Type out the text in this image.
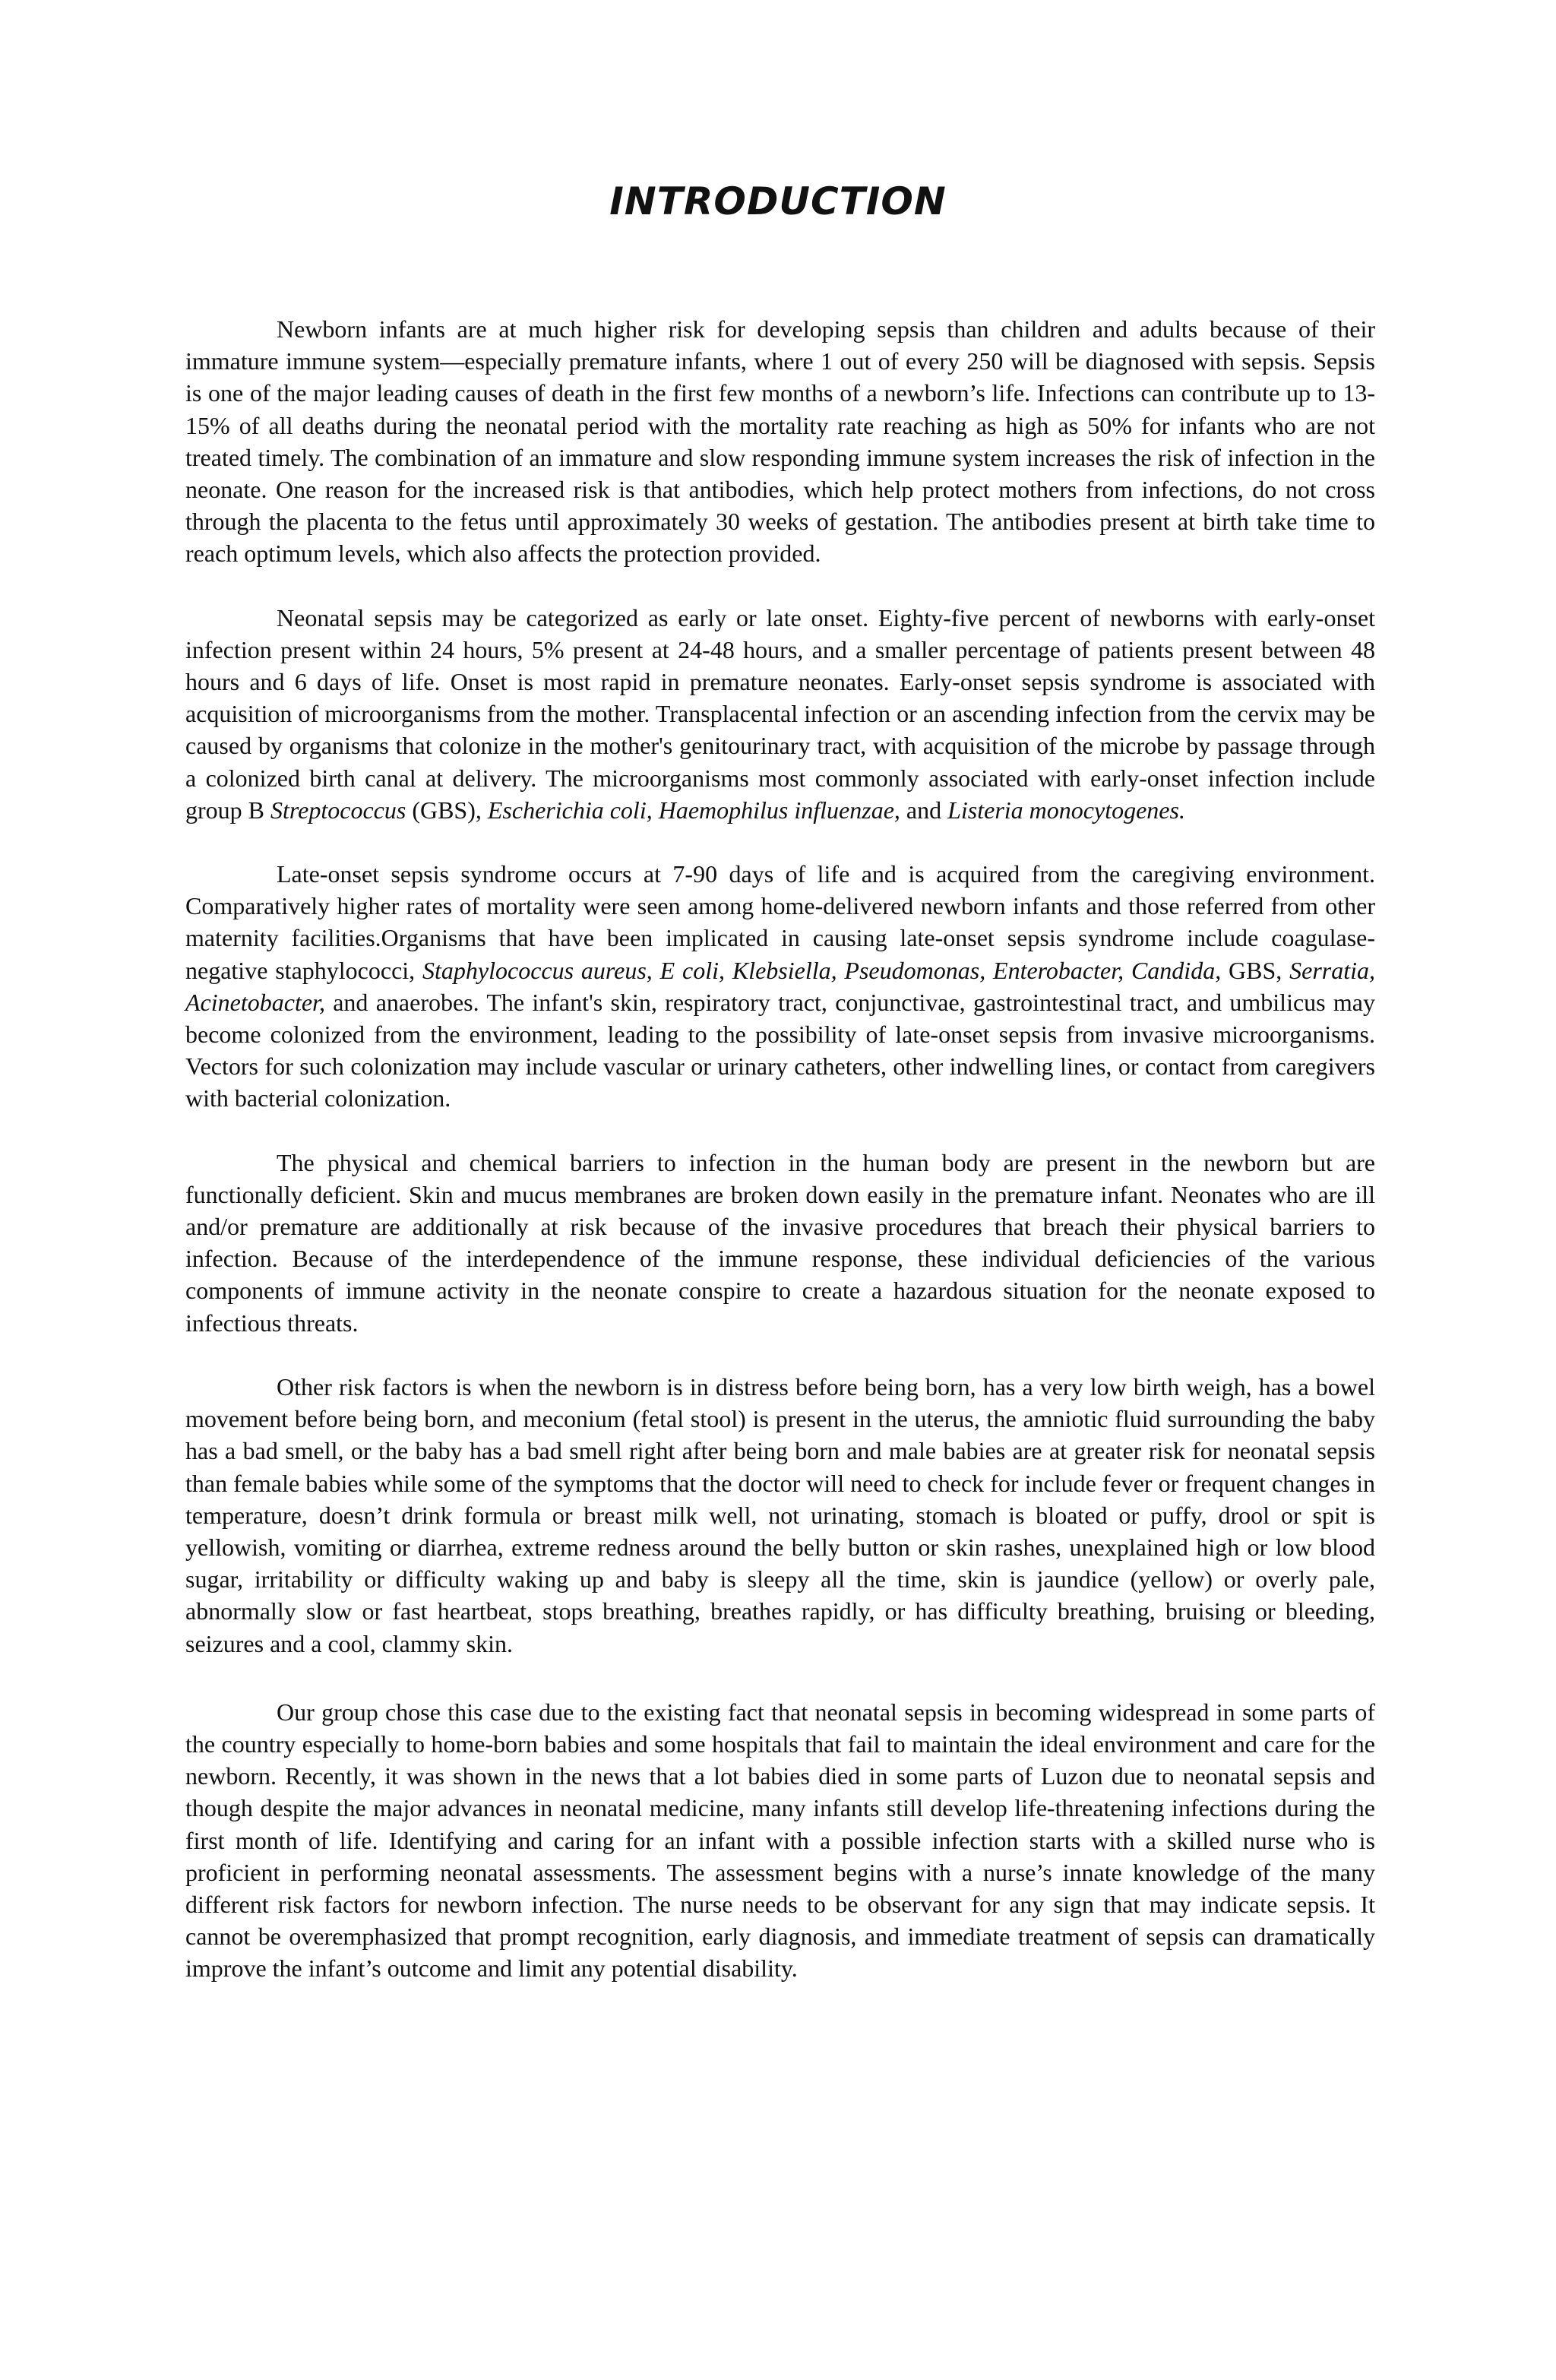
INTRODUCTION

Newborn infants are at much higher risk for developing sepsis than children and adults because of their immature immune system—especially premature infants, where 1 out of every 250 will be diagnosed with sepsis. Sepsis is one of the major leading causes of death in the first few months of a newborn’s life. Infections can contribute up to 13-15% of all deaths during the neonatal period with the mortality rate reaching as high as 50% for infants who are not treated timely. The combination of an immature and slow responding immune system increases the risk of infection in the neonate. One reason for the increased risk is that antibodies, which help protect mothers from infections, do not cross through the placenta to the fetus until approximately 30 weeks of gestation. The antibodies present at birth take time to reach optimum levels, which also affects the protection provided.

Neonatal sepsis may be categorized as early or late onset. Eighty-five percent of newborns with early-onset infection present within 24 hours, 5% present at 24-48 hours, and a smaller percentage of patients present between 48 hours and 6 days of life. Onset is most rapid in premature neonates. Early-onset sepsis syndrome is associated with acquisition of microorganisms from the mother. Transplacental infection or an ascending infection from the cervix may be caused by organisms that colonize in the mother's genitourinary tract, with acquisition of the microbe by passage through a colonized birth canal at delivery. The microorganisms most commonly associated with early-onset infection include group B Streptococcus (GBS), Escherichia coli, Haemophilus influenzae, and Listeria monocytogenes.

Late-onset sepsis syndrome occurs at 7-90 days of life and is acquired from the caregiving environment. Comparatively higher rates of mortality were seen among home-delivered newborn infants and those referred from other maternity facilities.Organisms that have been implicated in causing late-onset sepsis syndrome include coagulase-negative staphylococci, Staphylococcus aureus, E coli, Klebsiella, Pseudomonas, Enterobacter, Candida, GBS, Serratia, Acinetobacter, and anaerobes. The infant's skin, respiratory tract, conjunctivae, gastrointestinal tract, and umbilicus may become colonized from the environment, leading to the possibility of late-onset sepsis from invasive microorganisms. Vectors for such colonization may include vascular or urinary catheters, other indwelling lines, or contact from caregivers with bacterial colonization.

The physical and chemical barriers to infection in the human body are present in the newborn but are functionally deficient. Skin and mucus membranes are broken down easily in the premature infant. Neonates who are ill and/or premature are additionally at risk because of the invasive procedures that breach their physical barriers to infection. Because of the interdependence of the immune response, these individual deficiencies of the various components of immune activity in the neonate conspire to create a hazardous situation for the neonate exposed to infectious threats.

Other risk factors is when the newborn is in distress before being born, has a very low birth weigh, has a bowel movement before being born, and meconium (fetal stool) is present in the uterus, the amniotic fluid surrounding the baby has a bad smell, or the baby has a bad smell right after being born and male babies are at greater risk for neonatal sepsis than female babies while some of the symptoms that the doctor will need to check for include fever or frequent changes in temperature, doesn’t drink formula or breast milk well, not urinating, stomach is bloated or puffy, drool or spit is yellowish, vomiting or diarrhea, extreme redness around the belly button or skin rashes, unexplained high or low blood sugar, irritability or difficulty waking up and baby is sleepy all the time, skin is jaundice (yellow) or overly pale, abnormally slow or fast heartbeat, stops breathing, breathes rapidly, or has difficulty breathing, bruising or bleeding, seizures and a cool, clammy skin.

Our group chose this case due to the existing fact that neonatal sepsis in becoming widespread in some parts of the country especially to home-born babies and some hospitals that fail to maintain the ideal environment and care for the newborn. Recently, it was shown in the news that a lot babies died in some parts of Luzon due to neonatal sepsis and though despite the major advances in neonatal medicine, many infants still develop life-threatening infections during the first month of life. Identifying and caring for an infant with a possible infection starts with a skilled nurse who is proficient in performing neonatal assessments. The assessment begins with a nurse’s innate knowledge of the many different risk factors for newborn infection. The nurse needs to be observant for any sign that may indicate sepsis. It cannot be overemphasized that prompt recognition, early diagnosis, and immediate treatment of sepsis can dramatically improve the infant’s outcome and limit any potential disability.
